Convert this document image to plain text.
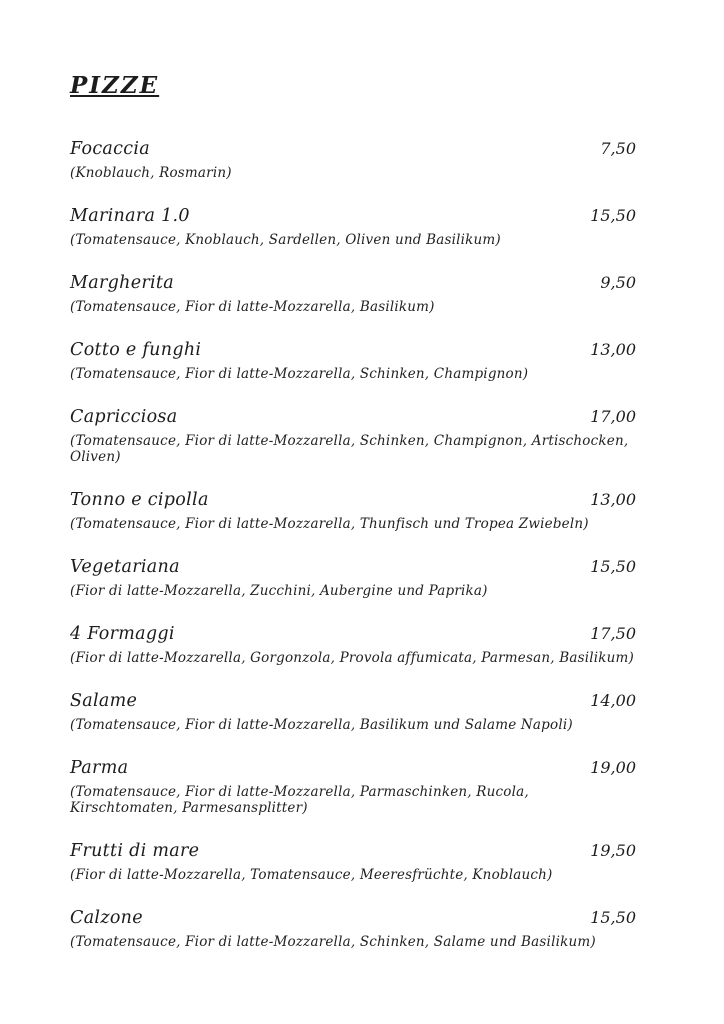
PIZZE
Focaccia	7,50
(Knoblauch, Rosmarin)
Marinara 1.0	15,50
(Tomatensauce, Knoblauch, Sardellen, Oliven und Basilikum)
Margherita	9,50
(Tomatensauce, Fior di latte-Mozzarella, Basilikum)
Cotto e funghi	13,00
(Tomatensauce, Fior di latte-Mozzarella, Schinken, Champignon)
Capricciosa	17,00
(Tomatensauce, Fior di latte-Mozzarella, Schinken, Champignon, Artischocken, Oliven)
Tonno e cipolla	13,00
(Tomatensauce, Fior di latte-Mozzarella, Thunfisch und Tropea Zwiebeln)
Vegetariana	15,50
(Fior di latte-Mozzarella, Zucchini, Aubergine und Paprika)
4 Formaggi	17,50
(Fior di latte-Mozzarella, Gorgonzola, Provola affumicata, Parmesan, Basilikum)
Salame	14,00
(Tomatensauce, Fior di latte-Mozzarella, Basilikum und Salame Napoli)
Parma	19,00
(Tomatensauce, Fior di latte-Mozzarella, Parmaschinken, Rucola, Kirschtomaten, Parmesansplitter)
Frutti di mare	19,50
(Fior di latte-Mozzarella, Tomatensauce, Meeresfrüchte, Knoblauch)
Calzone	15,50
(Tomatensauce, Fior di latte-Mozzarella, Schinken, Salame und Basilikum)
